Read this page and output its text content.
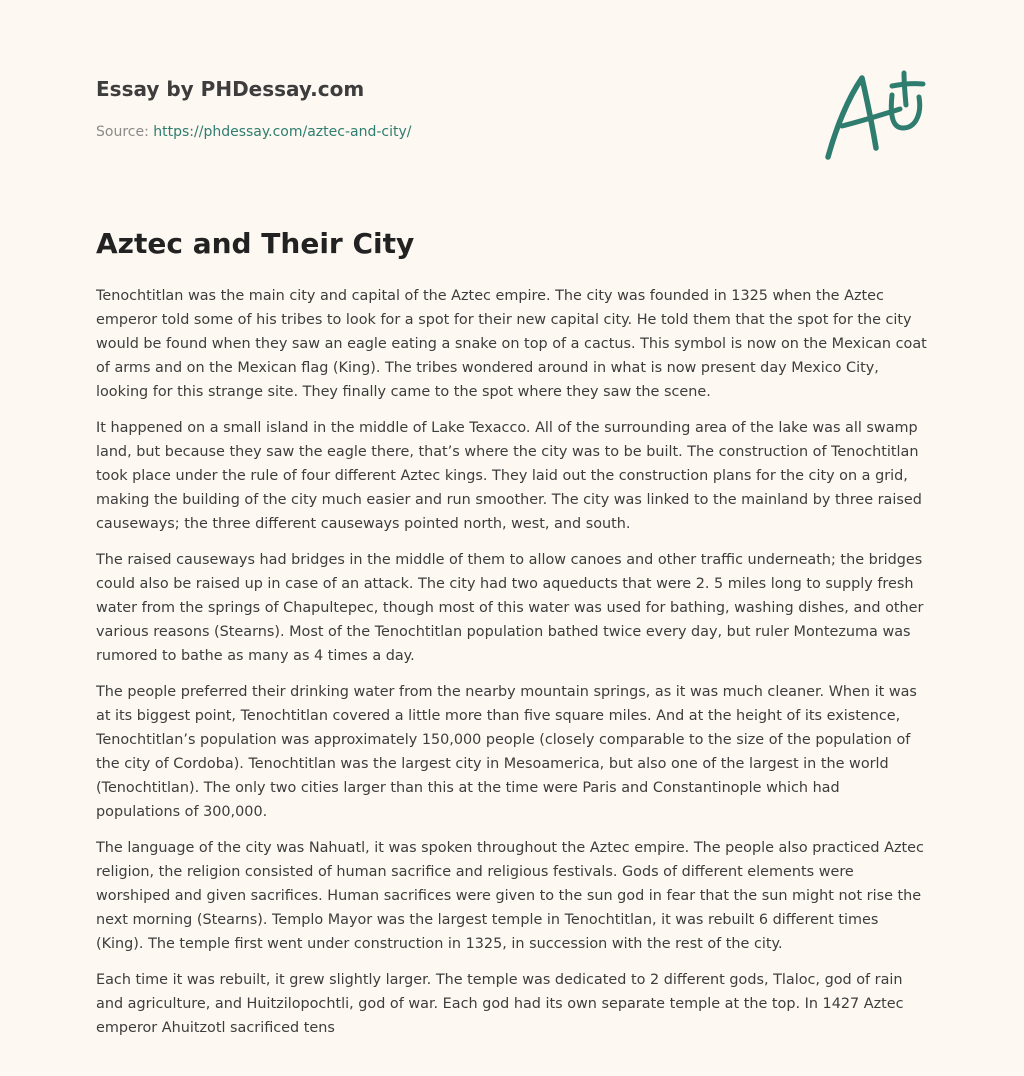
Essay by PHDessay.com
Source: https://phdessay.com/aztec-and-city/
Aztec and Their City

Tenochtitlan was the main city and capital of the Aztec empire. The city was founded in 1325 when the Aztec emperor told some of his tribes to look for a spot for their new capital city. He told them that the spot for the city would be found when they saw an eagle eating a snake on top of a cactus. This symbol is now on the Mexican coat of arms and on the Mexican flag (King). The tribes wondered around in what is now present day Mexico City, looking for this strange site. They finally came to the spot where they saw the scene.

It happened on a small island in the middle of Lake Texacco. All of the surrounding area of the lake was all swamp land, but because they saw the eagle there, that’s where the city was to be built. The construction of Tenochtitlan took place under the rule of four different Aztec kings. They laid out the construction plans for the city on a grid, making the building of the city much easier and run smoother. The city was linked to the mainland by three raised causeways; the three different causeways pointed north, west, and south.

The raised causeways had bridges in the middle of them to allow canoes and other traffic underneath; the bridges could also be raised up in case of an attack. The city had two aqueducts that were 2. 5 miles long to supply fresh water from the springs of Chapultepec, though most of this water was used for bathing, washing dishes, and other various reasons (Stearns). Most of the Tenochtitlan population bathed twice every day, but ruler Montezuma was rumored to bathe as many as 4 times a day.

The people preferred their drinking water from the nearby mountain springs, as it was much cleaner. When it was at its biggest point, Tenochtitlan covered a little more than five square miles. And at the height of its existence, Tenochtitlan’s population was approximately 150,000 people (closely comparable to the size of the population of the city of Cordoba). Tenochtitlan was the largest city in Mesoamerica, but also one of the largest in the world (Tenochtitlan). The only two cities larger than this at the time were Paris and Constantinople which had populations of 300,000.

The language of the city was Nahuatl, it was spoken throughout the Aztec empire. The people also practiced Aztec religion, the religion consisted of human sacrifice and religious festivals. Gods of different elements were worshiped and given sacrifices. Human sacrifices were given to the sun god in fear that the sun might not rise the next morning (Stearns). Templo Mayor was the largest temple in Tenochtitlan, it was rebuilt 6 different times (King). The temple first went under construction in 1325, in succession with the rest of the city.

Each time it was rebuilt, it grew slightly larger. The temple was dedicated to 2 different gods, Tlaloc, god of rain and agriculture, and Huitzilopochtli, god of war. Each god had its own separate temple at the top. In 1427 Aztec emperor Ahuitzotl sacrificed tens
